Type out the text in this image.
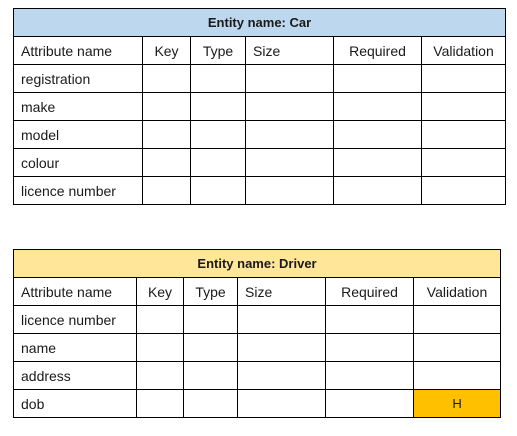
Entity name: Car					
Attribute name	Key	Type	Size	Required	Validation
registration					
make					
model					
colour					
licence number					
Entity name: Driver					
Attribute name	Key	Type	Size	Required	Validation
licence number					
name					
address					
dob					H
